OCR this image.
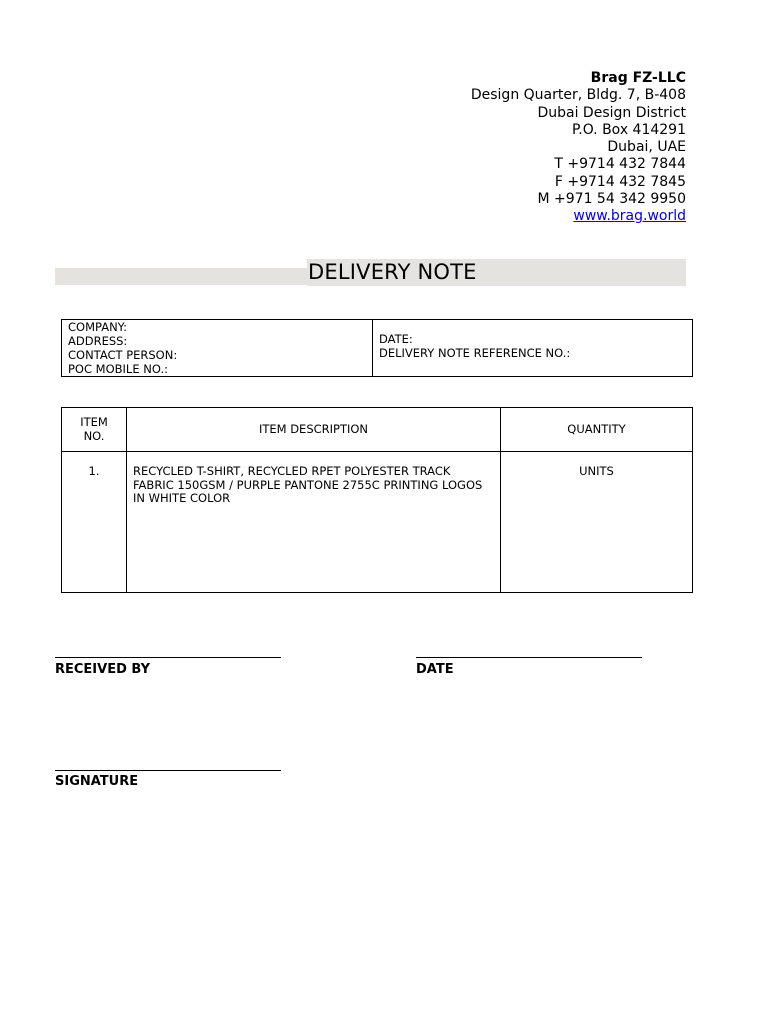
Brag FZ-LLC
Design Quarter, Bldg. 7, B-408
Dubai Design District
P.O. Box 414291
Dubai, UAE
T +9714 432 7844
F +9714 432 7845
M +971 54 342 9950
www.brag.world
DELIVERY NOTE
COMPANY:
ADDRESS:
CONTACT PERSON:
POC MOBILE NO.:

DATE:
DELIVERY NOTE REFERENCE NO.:
ITEM
NO.	ITEM DESCRIPTION	QUANTITY
1.	RECYCLED T-SHIRT, RECYCLED RPET POLYESTER TRACK FABRIC 150GSM / PURPLE PANTONE 2755C PRINTING LOGOS IN WHITE COLOR	UNITS
RECEIVED BY	DATE
SIGNATURE
